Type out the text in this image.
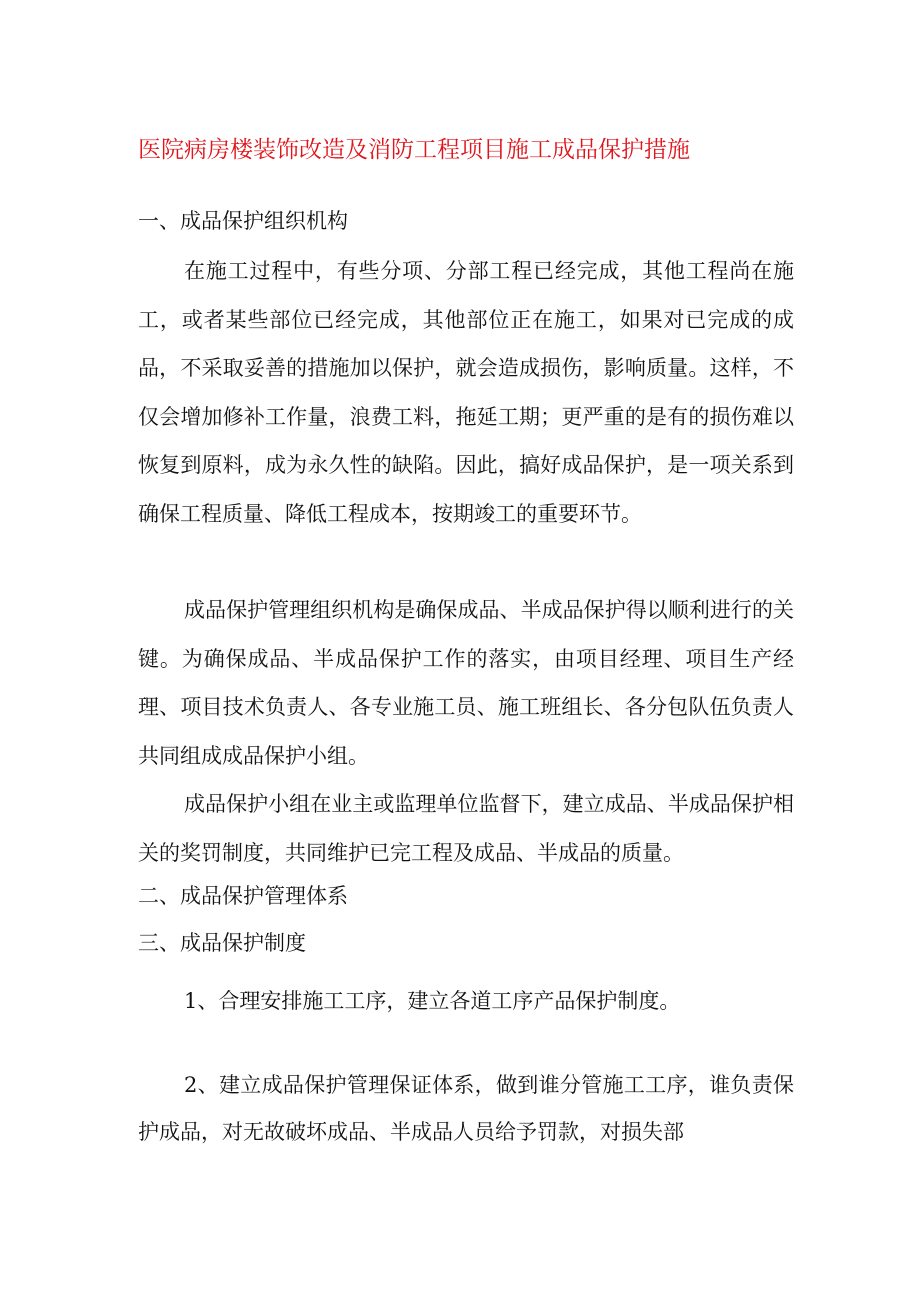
医院病房楼装饰改造及消防工程项目施工成品保护措施
一、成品保护组织机构
在施工过程中，有些分项、分部工程已经完成，其他工程尚在施工，或者某些部位已经完成，其他部位正在施工，如果对已完成的成品，不采取妥善的措施加以保护，就会造成损伤，影响质量。这样，不仅会增加修补工作量，浪费工料，拖延工期；更严重的是有的损伤难以恢复到原料，成为永久性的缺陷。因此，搞好成品保护，是一项关系到确保工程质量、降低工程成本，按期竣工的重要环节。
成品保护管理组织机构是确保成品、半成品保护得以顺利进行的关键。为确保成品、半成品保护工作的落实，由项目经理、项目生产经理、项目技术负责人、各专业施工员、施工班组长、各分包队伍负责人共同组成成品保护小组。
成品保护小组在业主或监理单位监督下，建立成品、半成品保护相关的奖罚制度，共同维护已完工程及成品、半成品的质量。
二、成品保护管理体系
三、成品保护制度
1、合理安排施工工序，建立各道工序产品保护制度。
2、建立成品保护管理保证体系，做到谁分管施工工序，谁负责保护成品，对无故破坏成品、半成品人员给予罚款，对损失部
